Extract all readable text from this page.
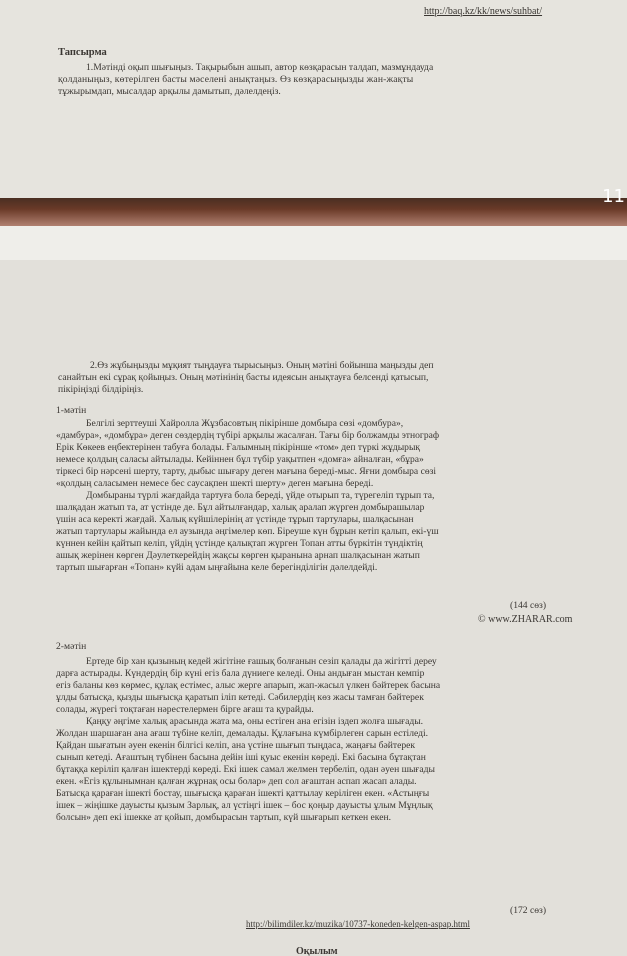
http://baq.kz/kk/news/suhbat/
Тапсырма
1.Мәтінді оқып шығыңыз. Тақырыбын ашып, автор көзқарасын талдап, мазмұндауда
қолданыңыз, көтерілген басты мәселені анықтаңыз. Өз көзқарасыңызды жан-жақты
тұжырымдап, мысалдар арқылы дамытып, дәлелдеңіз.
11
2.Өз жұбыңызды мұқият тыңдауға тырысыңыз. Оның мәтіні бойынша маңызды деп
санайтын екі сұрақ қойыңыз. Оның мәтінінің басты идеясын анықтауға белсенді қатысып,
пікіріңізді білдіріңіз.
1-мәтін
Белгілі зерттеуші Хайролла Жұзбасовтың пікірінше домбыра сөзі «домбура»,
«дамбура», «домбұра» деген сөздердің түбірі арқылы жасалған. Тағы бір болжамды этнограф
Ерік Көкеев еңбектерінен табуға болады. Ғалымның пікірінше «том» деп түркі жұдырық
немесе қолдың саласы айтылады. Кейіннен бұл түбір уақытпен «домға» айналған, «бұра»
тіркесі бір нәрсені шерту, тарту, дыбыс шығару деген мағына береді-мыс. Яғни домбыра сөзі
«қолдың саласымен немесе бес саусақпен шекті шерту» деген мағына береді.
Домбыраны түрлі жағдайда тартуға бола береді, үйде отырып та, түрегеліп тұрып та,
шалқадан жатып та, ат үстінде де. Бұл айтылғандар, халық аралап жүрген домбырашылар
үшін аса керекті жағдай. Халық күйшілерінің ат үстінде тұрып тартулары, шалқасынан
жатып тартулары жайында ел аузында әңгімелер көп. Біреуше күн бұрын кетіп қалып, екі-үш
күннен кейін қайтып келіп, үйдің үстінде қалықтап жүрген Топан атты бүркітін түндіктің
ашық жерінен көрген Дәулеткерейдің жақсы көрген қыранына арнап шалқасынан жатып
тартып шығарған «Топан» күйі адам ыңғайына келе берегінділігін дәлелдейді.
(144 сөз)
© www.ZHARAR.com
2-мәтін
Ертеде бір хан қызының кедей жігітіне ғашық болғанын сезіп қалады да жігітті дереу
дарға астырады. Күндердің бір күні егіз бала дүниеге келеді. Оны андыған мыстан кемпір
егіз баланы көз көрмес, құлақ естімес, алыс жерге апарып, жап-жасыл үлкен бәйтерек басына
ұлды батысқа, қызды шығысқа қаратып іліп кетеді. Сәбилердің көз жасы тамған бәйтерек
солады, жүрегі тоқтаған нәрестелермен бірге ағаш та қурайды.
Қаңқу әңгіме халық арасында жата ма, оны естіген ана егізін іздеп жолға шығады.
Жолдан шаршаған ана ағаш түбіне келіп, демалады. Құлағына күмбірлеген сарын естіледі.
Қайдан шығатын әуен екенін білгісі келіп, ана үстіне шығып тыңдаса, жаңағы бәйтерек
сынып кетеді. Ағаштың түбінен басына дейін іші қуыс екенін көреді. Екі басына бұтақтан
бұтаққа керіліп қалған ішектерді көреді. Екі ішек самал желмен тербеліп, одан әуен шығады
екен. «Егіз құлынымнан қалған жұрнақ осы болар» деп сол ағаштан аспап жасап алады.
Батысқа қараған ішекті бостау, шығысқа қараған ішекті қаттылау керіліген екен. «Астыңғы
ішек – жіңішке дауысты қызым Зарлық, ал үстіңгі ішек – бос қоңыр дауысты ұлым Мұңлық
болсын» деп екі ішекке ат қойып, домбырасын тартып, күй шығарып кеткен екен.
(172 сөз)
http://bilimdiler.kz/muzika/10737-koneden-kelgen-aspap.html
Оқылым
